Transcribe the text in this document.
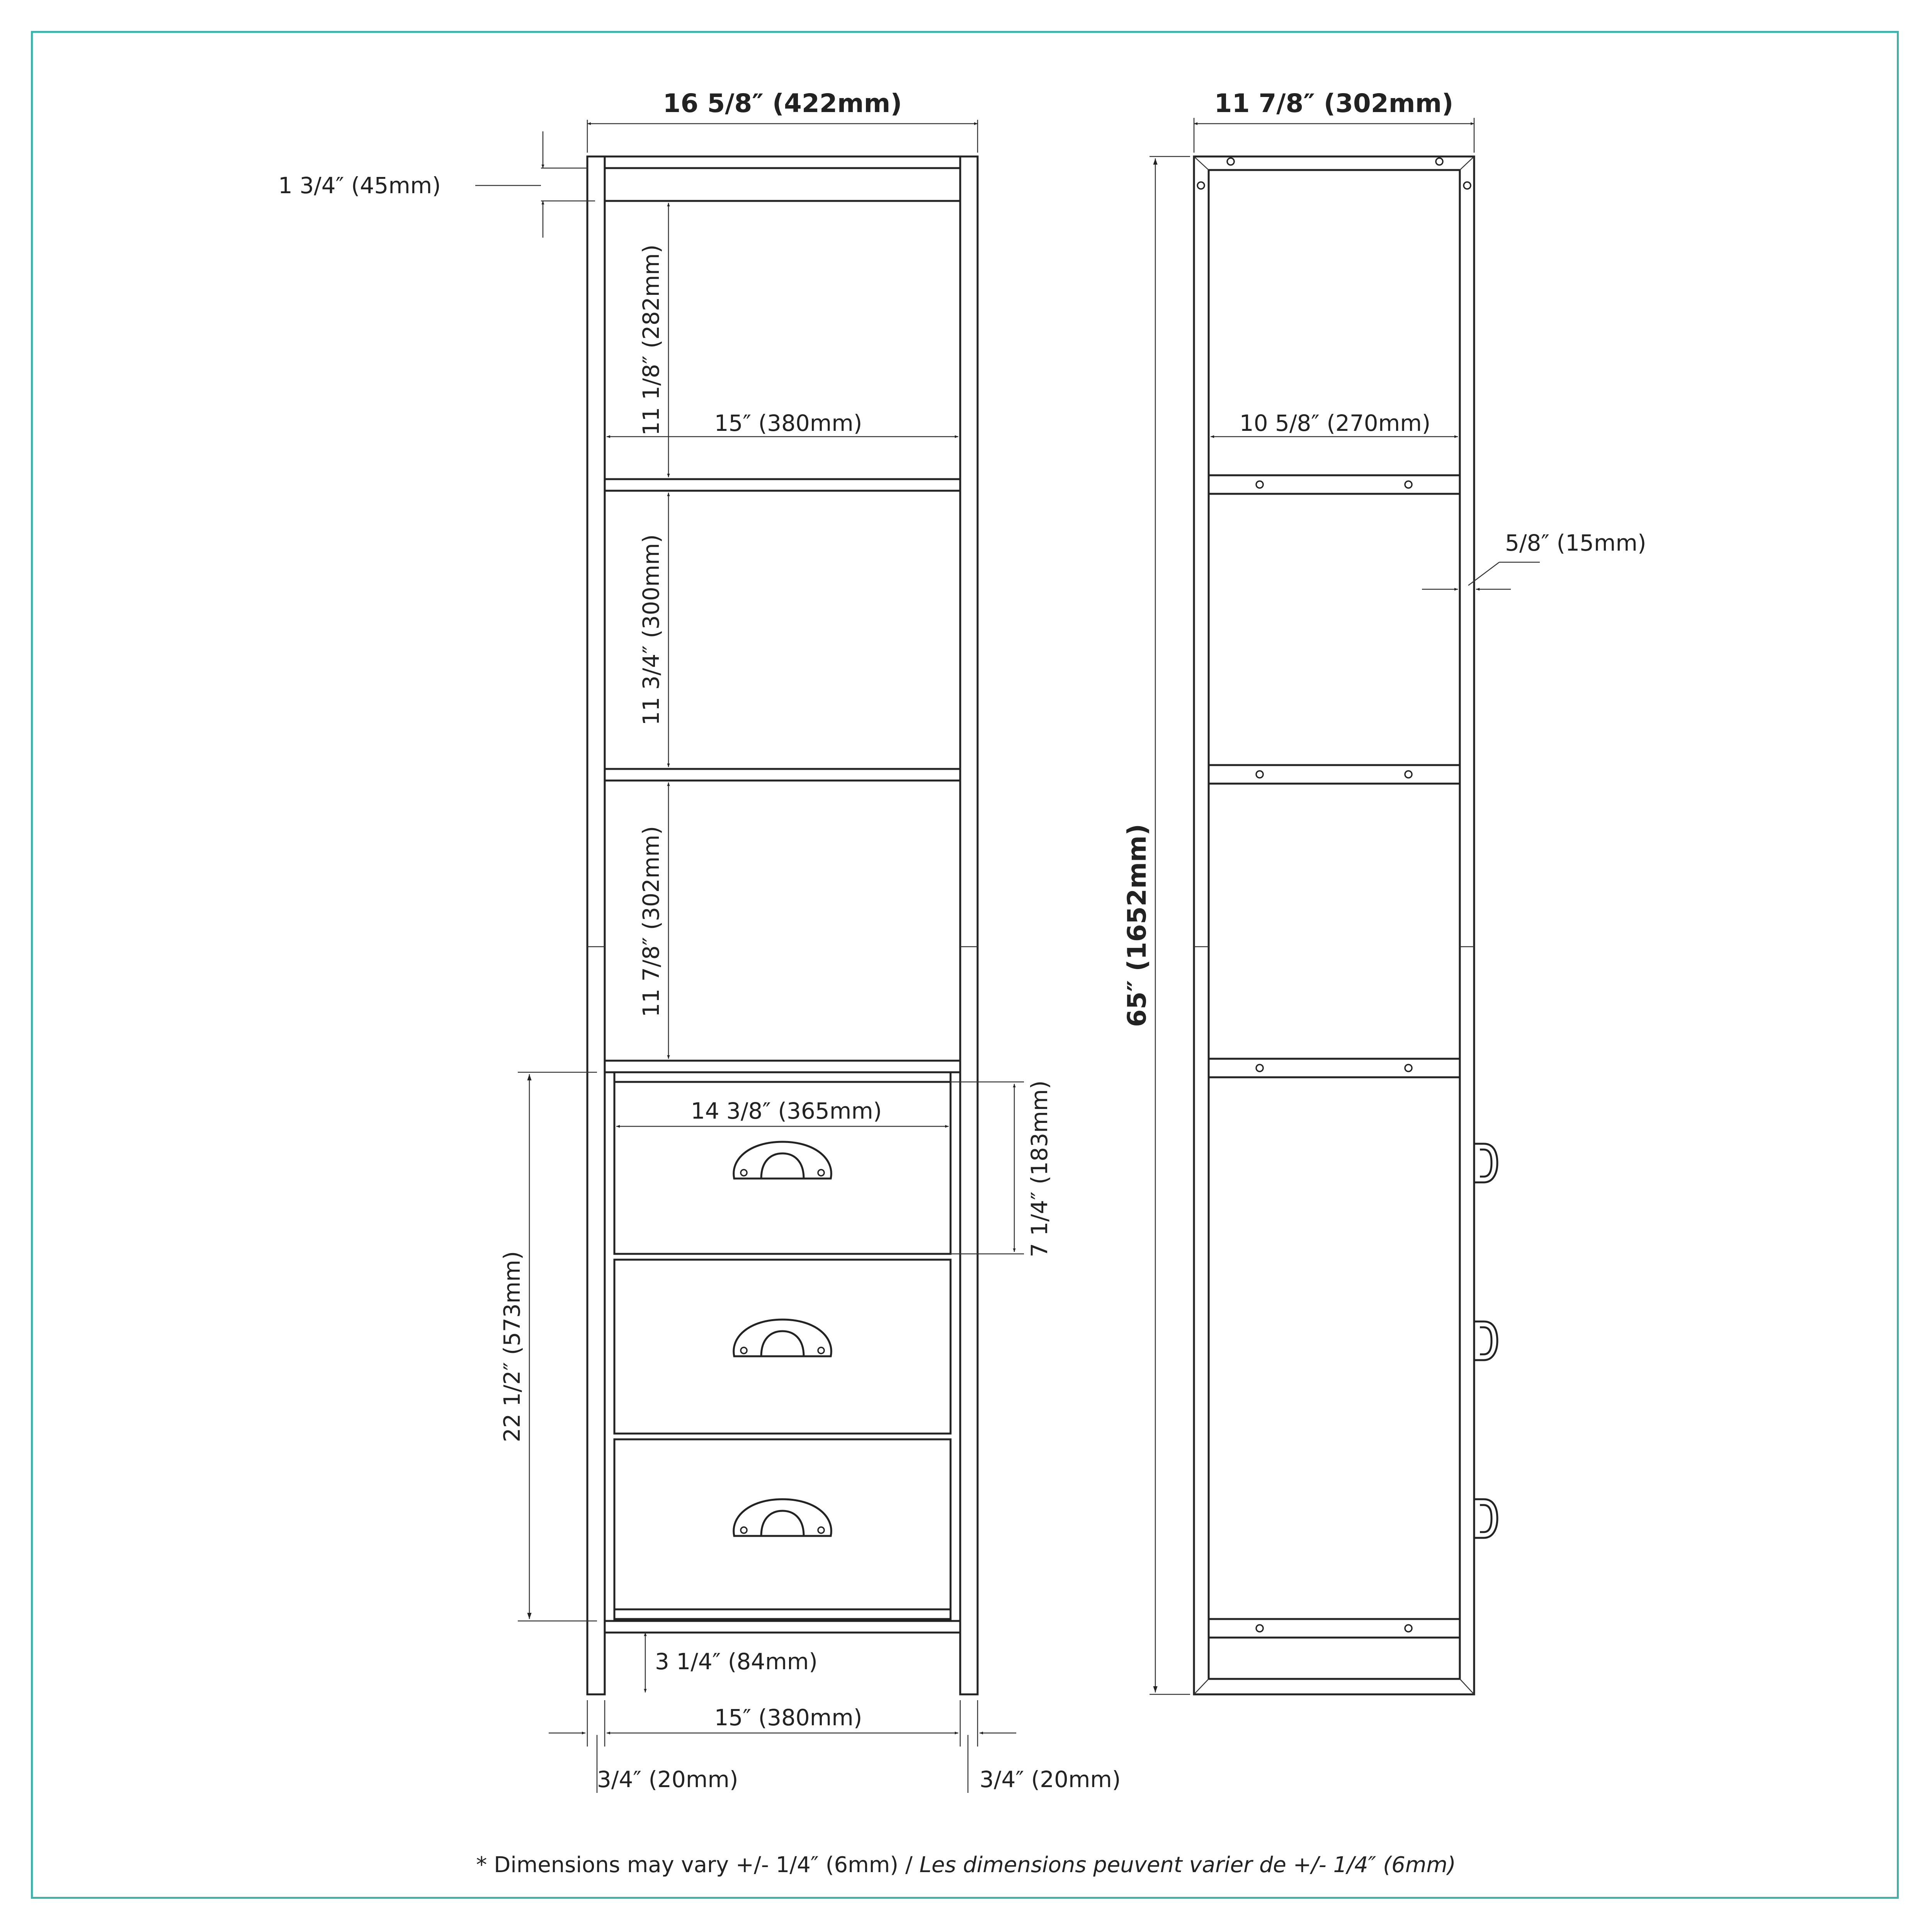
16 5/8″ (422mm)
1 3/4″ (45mm)
11 1/8″ (282mm) 15″ (380mm)
11 3/4″ (300mm)
11 7/8″ (302mm)
14 3/8″ (365mm)	7 1/4″ (183mm)
22 1/2″ (573mm)
3 1/4″ (84mm)
15″ (380mm)
3/4″ (20mm)	3/4″ (20mm)
11 7/8″ (302mm)
65″ (1652mm)
10 5/8″ (270mm)
5/8″ (15mm)
* Dimensions may vary +/- 1/4″ (6mm) / Les dimensions peuvent varier de +/- 1/4″ (6mm)
